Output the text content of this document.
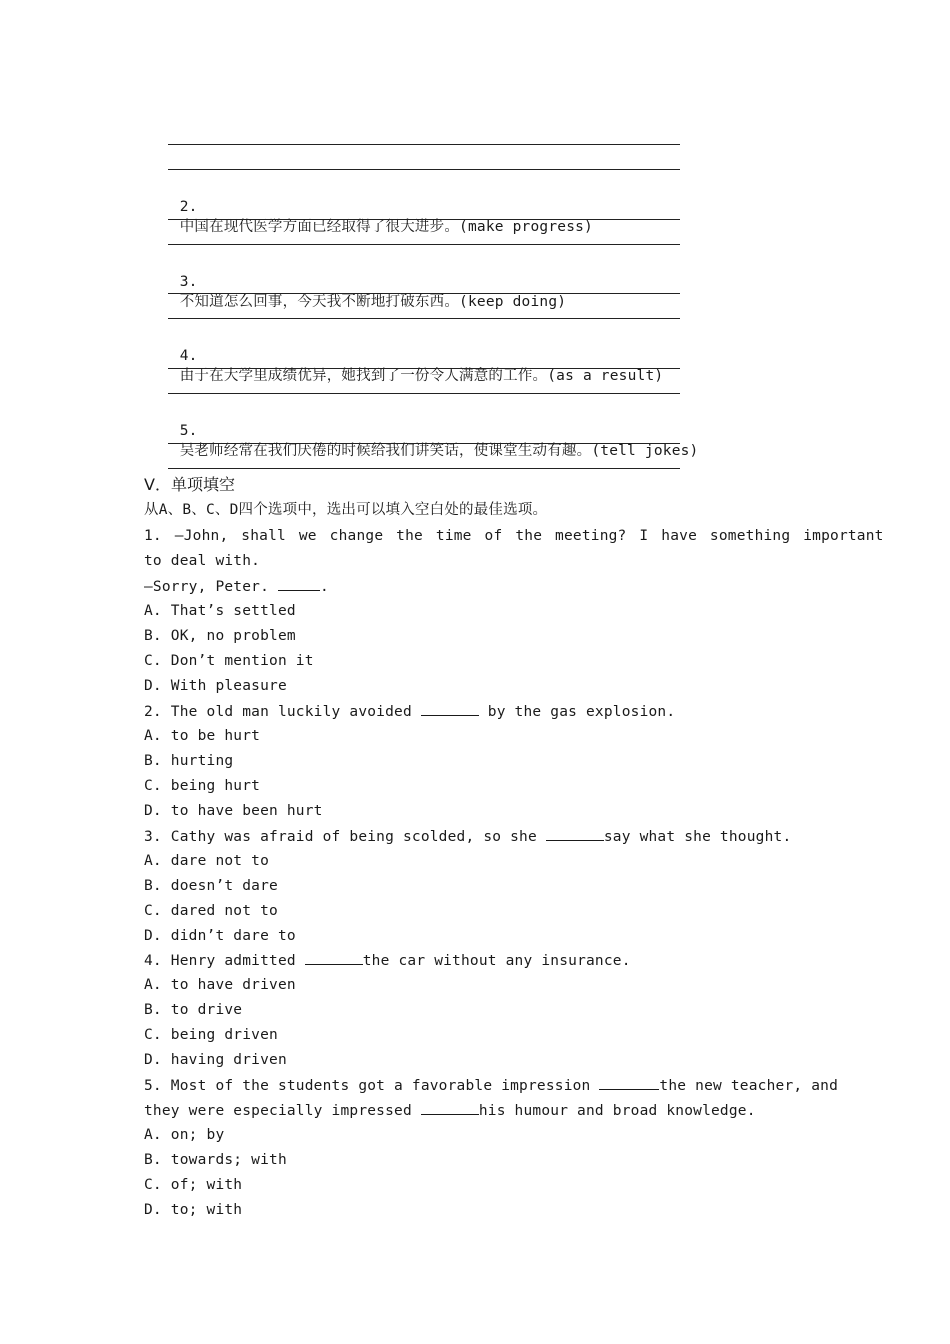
2.
中国在现代医学方面已经取得了很大进步。(make progress)

3.
不知道怎么回事，今天我不断地打破东西。(keep doing)

4.
由于在大学里成绩优异，她找到了一份令人满意的工作。(as a result)

5.
吴老师经常在我们厌倦的时候给我们讲笑话，使课堂生动有趣。(tell jokes)

Ⅴ．单项填空
从A、B、C、D四个选项中，选出可以填入空白处的最佳选项。
1. —John, shall we change the time of the meeting? I have something important
to deal with.
—Sorry, Peter.	.
A. That’s settled
B. OK, no problem
C. Don’t mention it
D. With pleasure
2. The old man luckily avoided	by the gas explosion.
A. to be hurt
B. hurting
C. being hurt
D. to have been hurt
3. Cathy was afraid of being scolded, so she	say what she thought.
A. dare not to
B. doesn’t dare
C. dared not to
D. didn’t dare to
4. Henry admitted	the car without any insurance.
A. to have driven
B. to drive
C. being driven
D. having driven
5. Most of the students got a favorable impression	the new teacher, and
they were especially impressed	his humour and broad knowledge.
A. on; by
B. towards; with
C. of; with
D. to; with
